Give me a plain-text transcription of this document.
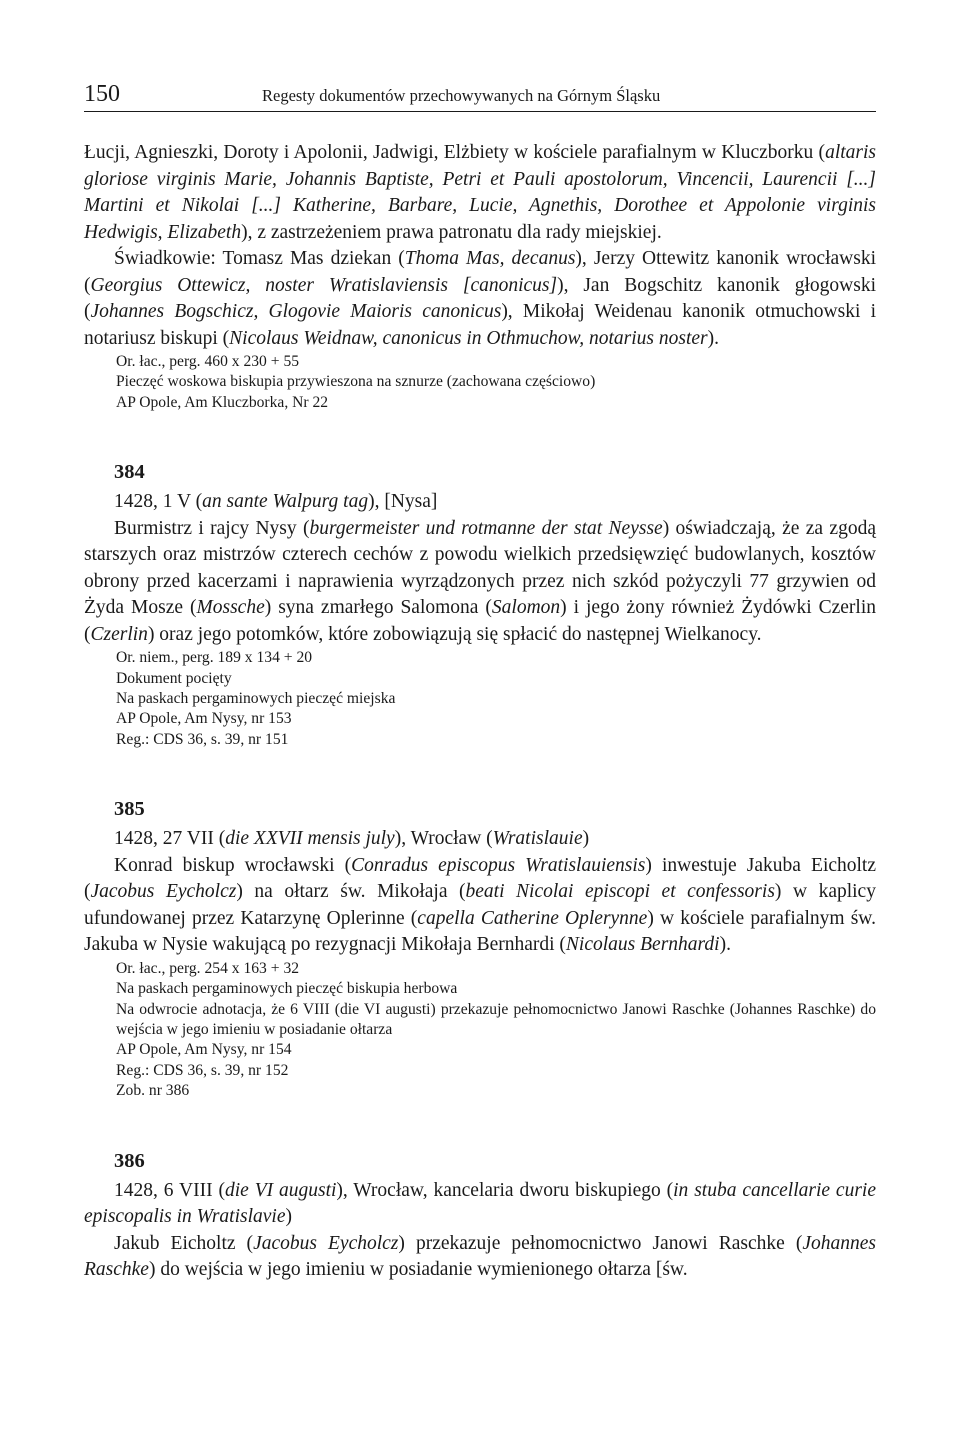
150	Regesty dokumentów przechowywanych na Górnym Śląsku

Łucji, Agnieszki, Doroty i Apolonii, Jadwigi, Elżbiety w kościele parafialnym w Kluczborku (altaris gloriose virginis Marie, Johannis Baptiste, Petri et Pauli apostolorum, Vincencii, Laurencii [...] Martini et Nikolai [...] Katherine, Barbare, Lucie, Agnethis, Dorothee et Appolonie virginis Hedwigis, Elizabeth), z zastrzeżeniem prawa patronatu dla rady miejskiej.

Świadkowie: Tomasz Mas dziekan (Thoma Mas, decanus), Jerzy Ottewitz kanonik wrocławski (Georgius Ottewicz, noster Wratislaviensis [canonicus]), Jan Bogschitz kanonik głogowski (Johannes Bogschicz, Glogovie Maioris canonicus), Mikołaj Weidenau kanonik otmuchowski i notariusz biskupi (Nicolaus Weidnaw, canonicus in Othmuchow, notarius noster).

Or. łac., perg. 460 x 230 + 55

Pieczęć woskowa biskupia przywieszona na sznurze (zachowana częściowo)

AP Opole, Am Kluczborka, Nr 22

384

1428, 1 V (an sante Walpurg tag), [Nysa]

Burmistrz i rajcy Nysy (burgermeister und rotmanne der stat Neysse) oświadczają, że za zgodą starszych oraz mistrzów czterech cechów z powodu wielkich przedsięwzięć budowlanych, kosztów obrony przed kacerzami i naprawienia wyrządzonych przez nich szkód pożyczyli 77 grzywien od Żyda Mosze (Mossche) syna zmarłego Salomona (Salomon) i jego żony również Żydówki Czerlin (Czerlin) oraz jego potomków, które zobowiązują się spłacić do następnej Wielkanocy.

Or. niem., perg. 189 x 134 + 20

Dokument pocięty

Na paskach pergaminowych pieczęć miejska

AP Opole, Am Nysy, nr 153

Reg.: CDS 36, s. 39, nr 151

385

1428, 27 VII (die XXVII mensis july), Wrocław (Wratislauie)

Konrad biskup wrocławski (Conradus episcopus Wratislauiensis) inwestuje Jakuba Eicholtz (Jacobus Eycholcz) na ołtarz św. Mikołaja (beati Nicolai episcopi et confessoris) w kaplicy ufundowanej przez Katarzynę Oplerinne (capella Catherine Oplerynne) w kościele parafialnym św. Jakuba w Nysie wakującą po rezygnacji Mikołaja Bernhardi (Nicolaus Bernhardi).

Or. łac., perg. 254 x 163 + 32

Na paskach pergaminowych pieczęć biskupia herbowa

Na odwrocie adnotacja, że 6 VIII (die VI augusti) przekazuje pełnomocnictwo Janowi Raschke (Johannes Raschke) do wejścia w jego imieniu w posiadanie ołtarza

AP Opole, Am Nysy, nr 154

Reg.: CDS 36, s. 39, nr 152

Zob. nr 386

386

1428, 6 VIII (die VI augusti), Wrocław, kancelaria dworu biskupiego (in stuba cancellarie curie episcopalis in Wratislavie)

Jakub Eicholtz (Jacobus Eycholcz) przekazuje pełnomocnictwo Janowi Raschke (Johannes Raschke) do wejścia w jego imieniu w posiadanie wymienionego ołtarza [św.
